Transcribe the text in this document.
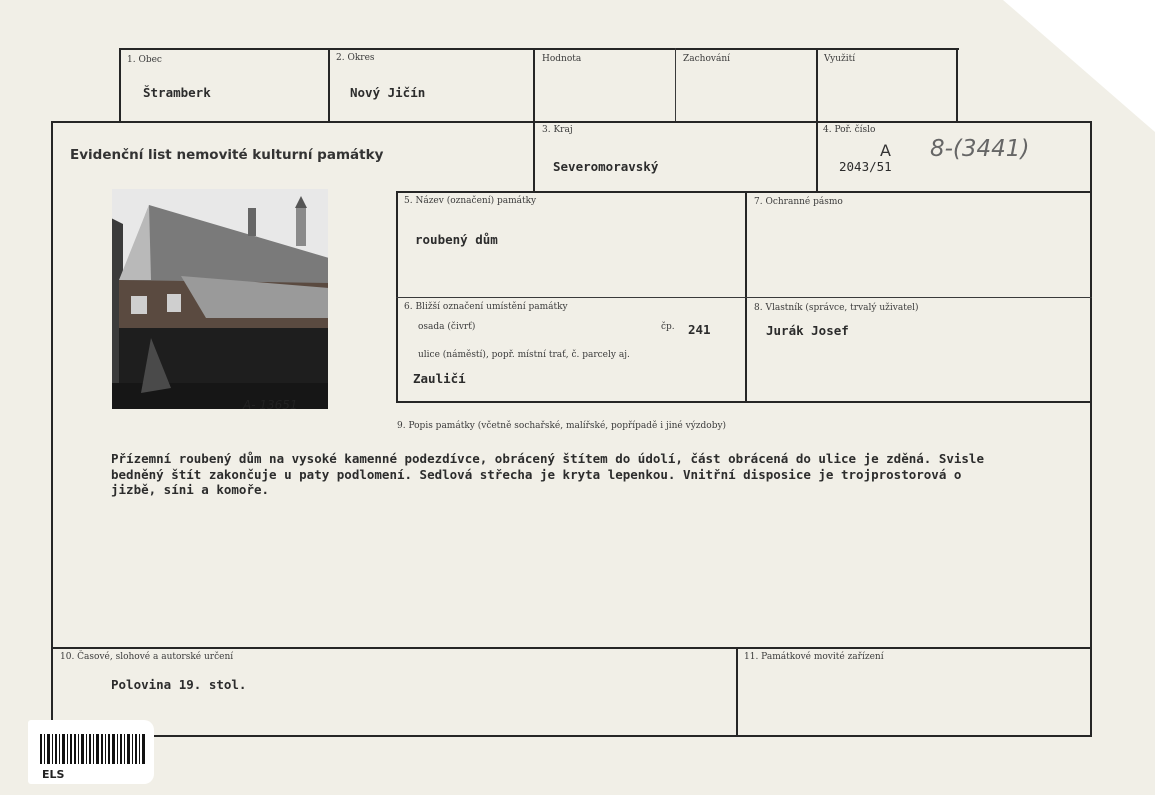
1. Obec
Štramberk
2. Okres
Nový Jičín
Hodnota	Zachování	Využití
Evidenční list nemovité kulturní památky
3. Kraj
Severomoravský
4. Poř. číslo
A
2043/51
8-(3441)
A- 13651
5. Název (označení) památky
roubený dům
7. Ochranné pásmo
6. Bližší označení umístění památky
osada (čivrť)	čp. 241
ulice (náměstí), popř. místní trať, č. parcely aj.
Zauličí
8. Vlastník (správce, trvalý uživatel)
Jurák Josef
9. Popis památky (včetně sochařské, malířské, popřípadě i jiné výzdoby)
Přízemní roubený dům na vysoké kamenné podezdívce, obrácený štítem do údolí, část obrácená do ulice je zděná. Svisle
bedněný štít zakončuje u paty podlomení. Sedlová střecha je kryta lepenkou. Vnitřní disposice je trojprostorová o
jizbě, síni a komoře.
10. Časové, slohové a autorské určení
Polovina 19. stol.
11. Památkové movité zařízení
ELS
